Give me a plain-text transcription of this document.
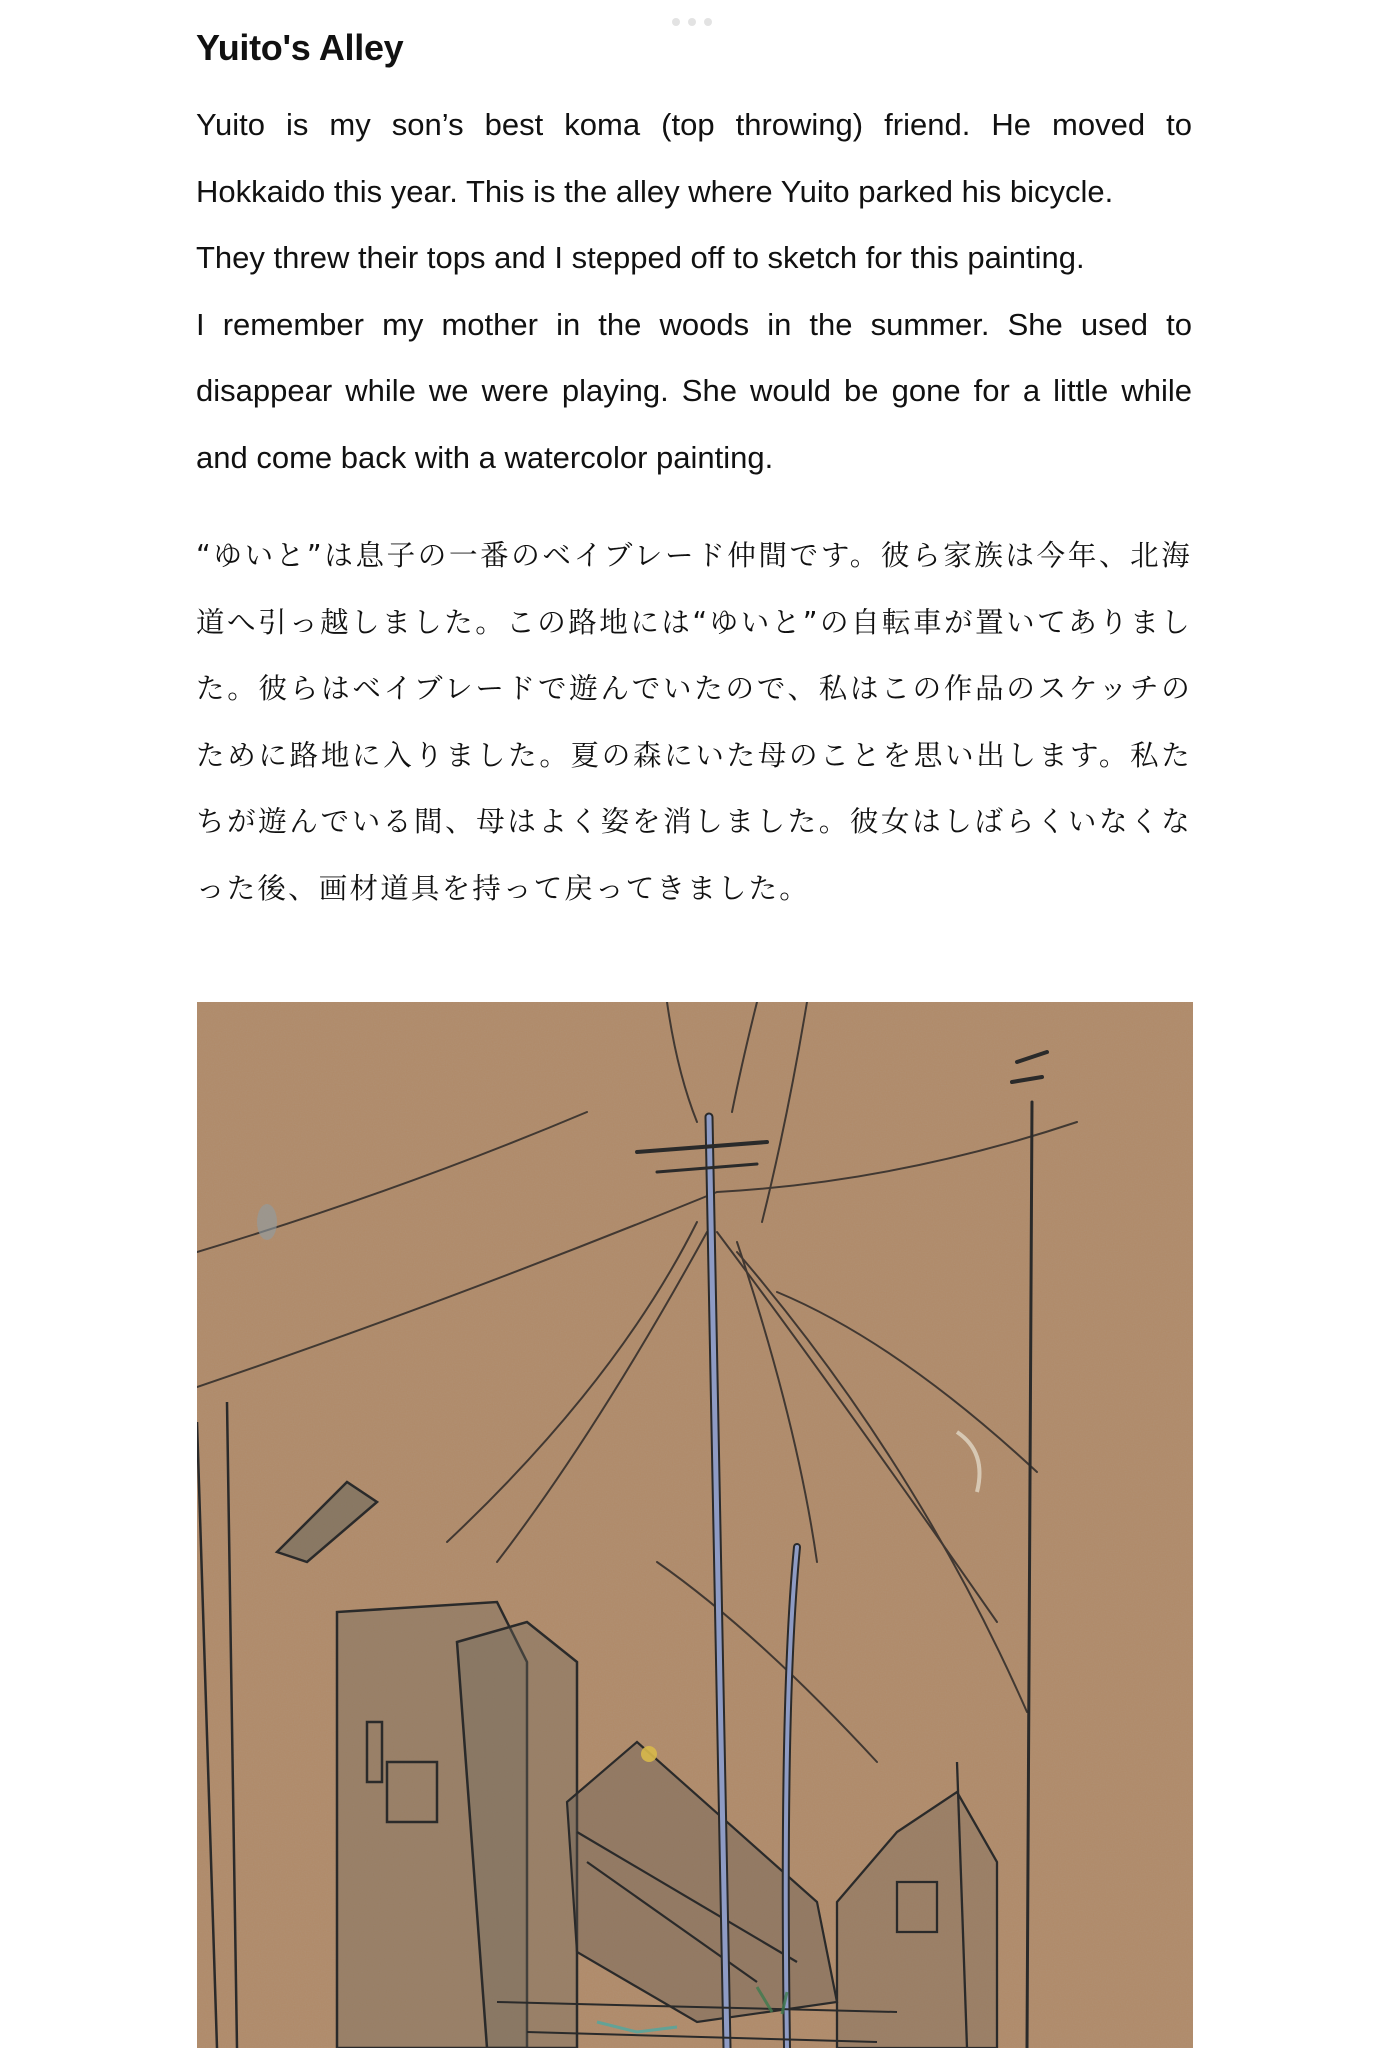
Yuito's Alley

Yuito is my son’s best koma (top throwing) friend. He moved to Hokkaido this year. This is the alley where Yuito parked his bicycle.

They threw their tops and I stepped off to sketch for this painting.

I remember my mother in the woods in the summer. She used to disappear while we were playing. She would be gone for a little while and come back with a watercolor painting.

“ゆいと”は息子の一番のベイブレード仲間です。彼ら家族は今年、北海道へ引っ越しました。この路地には“ゆいと”の自転車が置いてありました。彼らはベイブレードで遊んでいたので、私はこの作品のスケッチのために路地に入りました。夏の森にいた母のことを思い出します。私たちが遊んでいる間、母はよく姿を消しました。彼女はしばらくいなくなった後、画材道具を持って戻ってきました。
